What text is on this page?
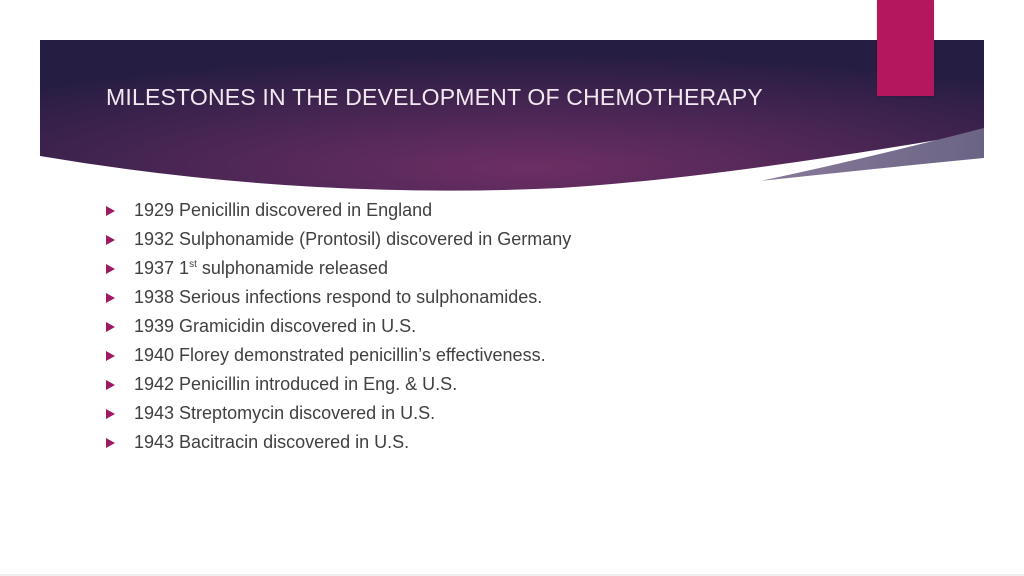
MILESTONES IN THE DEVELOPMENT OF CHEMOTHERAPY
1929 Penicillin discovered in England
1932 Sulphonamide (Prontosil) discovered in Germany
1937 1st sulphonamide released
1938 Serious infections respond to sulphonamides.
1939 Gramicidin discovered in U.S.
1940 Florey demonstrated penicillin’s effectiveness.
1942 Penicillin introduced in Eng. & U.S.
1943 Streptomycin discovered in U.S.
1943 Bacitracin discovered in U.S.
